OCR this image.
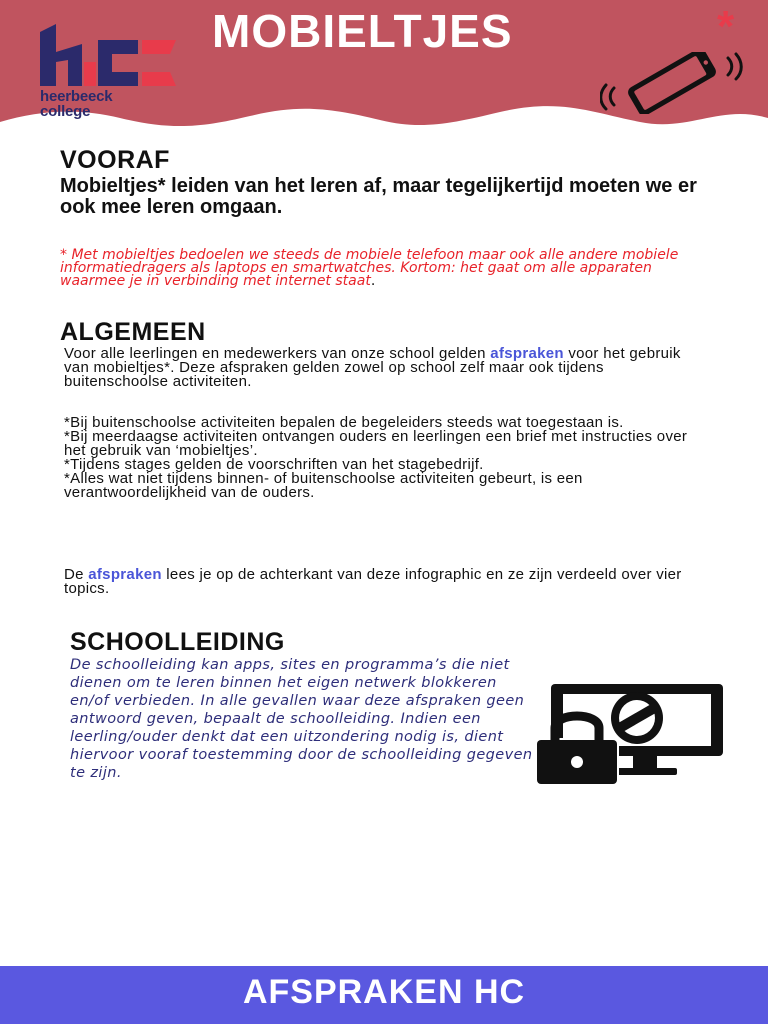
heerbeeck
college
MOBIELTJES	*
VOORAF
Mobieltjes* leiden van het leren af, maar tegelijkertijd moeten we er ook mee leren omgaan.
* Met mobieltjes bedoelen we steeds de mobiele telefoon maar ook alle andere mobiele informatiedragers als laptops en smartwatches. Kortom: het gaat om alle apparaten waarmee je in verbinding met internet staat.
ALGEMEEN
Voor alle leerlingen en medewerkers van onze school gelden afspraken voor het gebruik van mobieltjes*. Deze afspraken gelden zowel op school zelf maar ook tijdens buitenschoolse activiteiten.

*Bij buitenschoolse activiteiten bepalen de begeleiders steeds wat toegestaan is.

*Bij meerdaagse activiteiten ontvangen ouders en leerlingen een brief met instructies over het gebruik van ‘mobieltjes’.

*Tijdens stages gelden de voorschriften van het stagebedrijf.

*Alles wat niet tijdens binnen- of buitenschoolse activiteiten gebeurt, is een verantwoordelijkheid van de ouders.

De afspraken lees je op de achterkant van deze infographic en ze zijn verdeeld over vier topics.
SCHOOLLEIDING
De schoolleiding kan apps, sites en programma’s die niet dienen om te leren binnen het eigen netwerk blokkeren en/of verbieden. In alle gevallen waar deze afspraken geen antwoord geven, bepaalt de schoolleiding. Indien een leerling/ouder denkt dat een uitzondering nodig is, dient hiervoor vooraf toestemming door de schoolleiding gegeven te zijn.
AFSPRAKEN HC
